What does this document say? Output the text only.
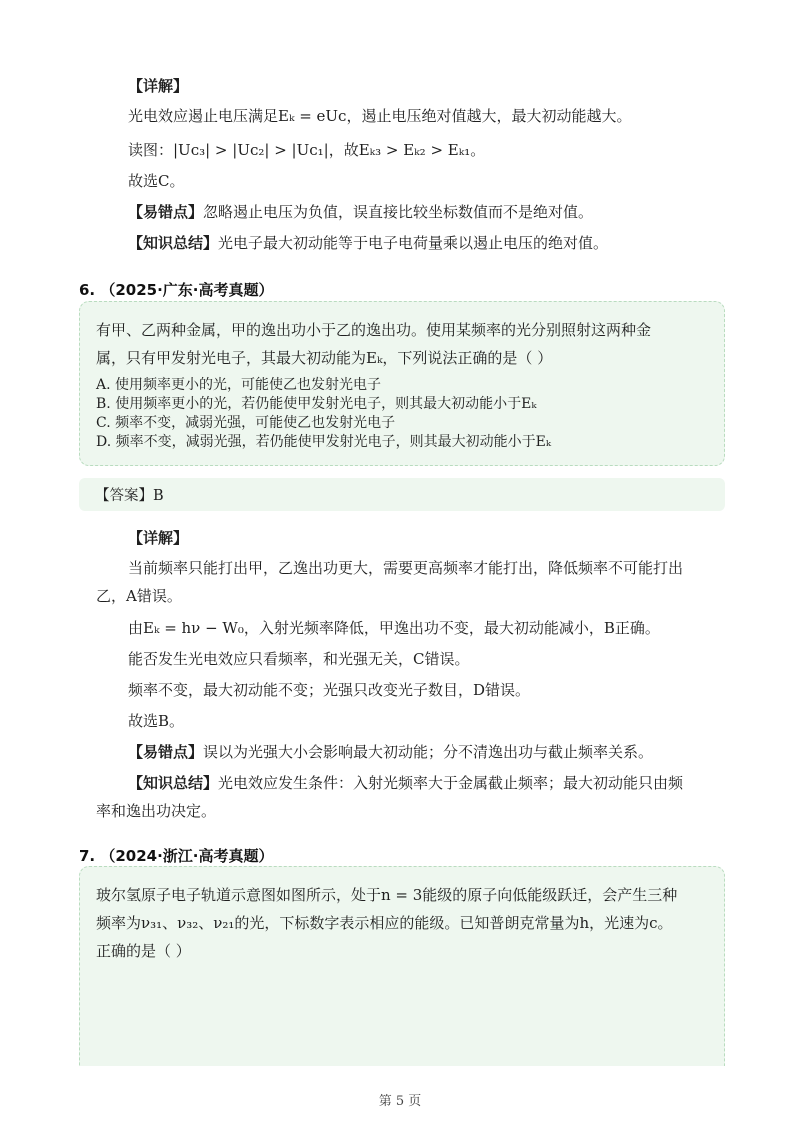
【详解】
光电效应遏止电压满足Eₖ = eUᴄ，遏止电压绝对值越大，最大初动能越大。
读图：|Uᴄ₃| > |Uᴄ₂| > |Uᴄ₁|，故Eₖ₃ > Eₖ₂ > Eₖ₁。
故选C。
【易错点】忽略遏止电压为负值，误直接比较坐标数值而不是绝对值。
【知识总结】光电子最大初动能等于电子电荷量乘以遏止电压的绝对值。
6. （2025·广东·高考真题）
有甲、乙两种金属，甲的逸出功小于乙的逸出功。使用某频率的光分别照射这两种金
属，只有甲发射光电子，其最大初动能为Eₖ，下列说法正确的是（ ）
A. 使用频率更小的光，可能使乙也发射光电子
B. 使用频率更小的光，若仍能使甲发射光电子，则其最大初动能小于Eₖ
C. 频率不变，减弱光强，可能使乙也发射光电子
D. 频率不变，减弱光强，若仍能使甲发射光电子，则其最大初动能小于Eₖ
【答案】B
【详解】
当前频率只能打出甲，乙逸出功更大，需要更高频率才能打出，降低频率不可能打出
乙，A错误。
由Eₖ = hν − W₀，入射光频率降低，甲逸出功不变，最大初动能减小，B正确。
能否发生光电效应只看频率，和光强无关，C错误。
频率不变，最大初动能不变；光强只改变光子数目，D错误。
故选B。
【易错点】误以为光强大小会影响最大初动能；分不清逸出功与截止频率关系。
【知识总结】光电效应发生条件：入射光频率大于金属截止频率；最大初动能只由频
率和逸出功决定。
7. （2024·浙江·高考真题）
玻尔氢原子电子轨道示意图如图所示，处于n = 3能级的原子向低能级跃迁，会产生三种
频率为ν₃₁、ν₃₂、ν₂₁的光，下标数字表示相应的能级。已知普朗克常量为h，光速为c。
正确的是（ ）
第 5 页
